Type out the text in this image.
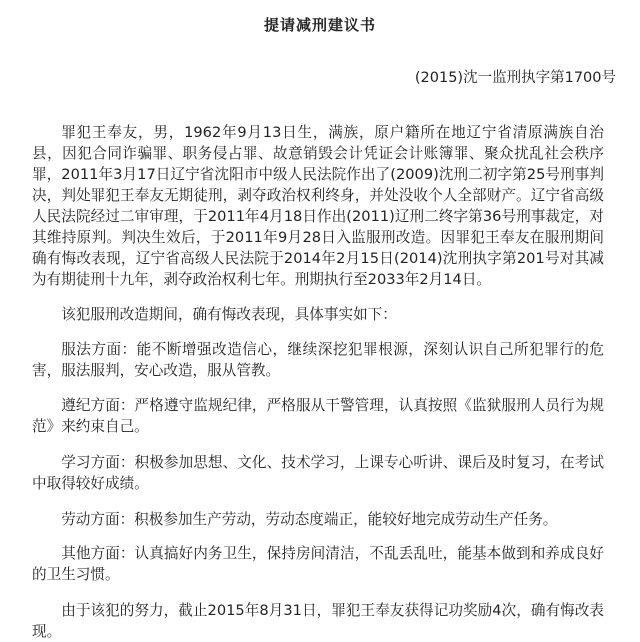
提请减刑建议书
(2015)沈一监刑执字第1700号

罪犯王奉友，男，1962年9月13日生，满族，原户籍所在地辽宁省清原满族自治县，因犯合同诈骗罪、职务侵占罪、故意销毁会计凭证会计账簿罪、聚众扰乱社会秩序罪，2011年3月17日辽宁省沈阳市中级人民法院作出了(2009)沈刑二初字第25号刑事判决，判处罪犯王奉友无期徒刑，剥夺政治权利终身，并处没收个人全部财产。辽宁省高级人民法院经过二审审理，于2011年4月18日作出(2011)辽刑二终字第36号刑事裁定，对其维持原判。判决生效后，于2011年9月28日入监服刑改造。因罪犯王奉友在服刑期间确有悔改表现，辽宁省高级人民法院于2014年2月15日(2014)沈刑执字第201号对其减为有期徒刑十九年，剥夺政治权利七年。刑期执行至2033年2月14日。

该犯服刑改造期间，确有悔改表现，具体事实如下：

服法方面：能不断增强改造信心，继续深挖犯罪根源，深刻认识自己所犯罪行的危害，服法服判，安心改造，服从管教。

遵纪方面：严格遵守监规纪律，严格服从干警管理，认真按照《监狱服刑人员行为规范》来约束自己。

学习方面：积极参加思想、文化、技术学习，上课专心听讲、课后及时复习，在考试中取得较好成绩。

劳动方面：积极参加生产劳动，劳动态度端正，能较好地完成劳动生产任务。

其他方面：认真搞好内务卫生，保持房间清洁，不乱丢乱吐，能基本做到和养成良好的卫生习惯。

由于该犯的努力，截止2015年8月31日，罪犯王奉友获得记功奖励4次，确有悔改表现。
